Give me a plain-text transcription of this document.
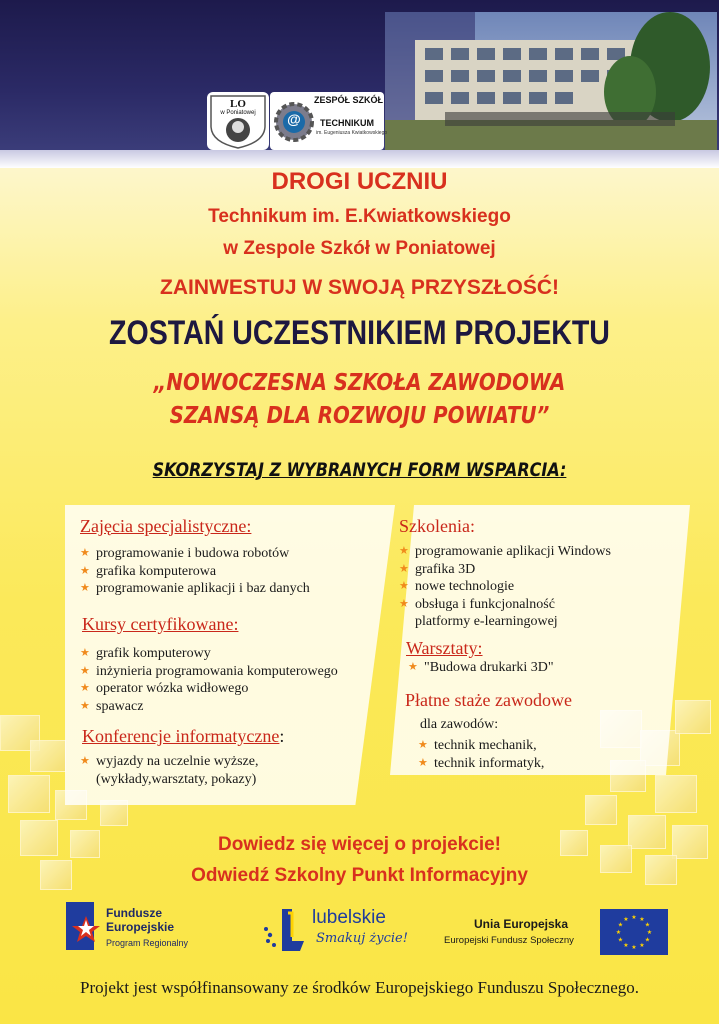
LO
w Poniatowej	@
ZESPÓŁ SZKÓŁ
TECHNIKUM
im. Eugeniusza Kwiatkowskiego
DROGI UCZNIU
Technikum im. E.Kwiatkowskiego
w Zespole Szkół w Poniatowej
ZAINWESTUJ W SWOJĄ PRZYSZŁOŚĆ!
ZOSTAŃ UCZESTNIKIEM PROJEKTU
„NOWOCZESNA SZKOŁA ZAWODOWA
SZANSĄ DLA ROZWOJU POWIATU”
SKORZYSTAJ Z WYBRANYCH FORM WSPARCIA:
Zajęcia specjalistyczne:
★ programowanie i budowa robotów
★ grafika komputerowa
★ programowanie aplikacji i baz danych
Kursy certyfikowane:
★ grafik komputerowy
★ inżynieria programowania komputerowego
★ operator wózka widłowego
★ spawacz
Konferencje informatyczne:
★ wyjazdy na uczelnie wyższe,
(wykłady,warsztaty, pokazy)
Szkolenia:
★ programowanie aplikacji Windows
★ grafika 3D
★ nowe technologie
★ obsługa i funkcjonalność
platformy e-learningowej
Warsztaty:
★ "Budowa drukarki 3D"
Płatne staże zawodowe
dla zawodów:
★ technik mechanik,
★ technik informatyk,
Dowiedz się więcej o projekcie!
Odwiedź Szkolny Punkt Informacyjny
Fundusze
Europejskie
Program Regionalny
lubelskie
Smakuj życie!
Unia Europejska
Europejski Fundusz Społeczny
★ ★
★
★
★
★
★
★
★
★
★
★
Projekt jest współfinansowany ze środków Europejskiego Funduszu Społecznego.
